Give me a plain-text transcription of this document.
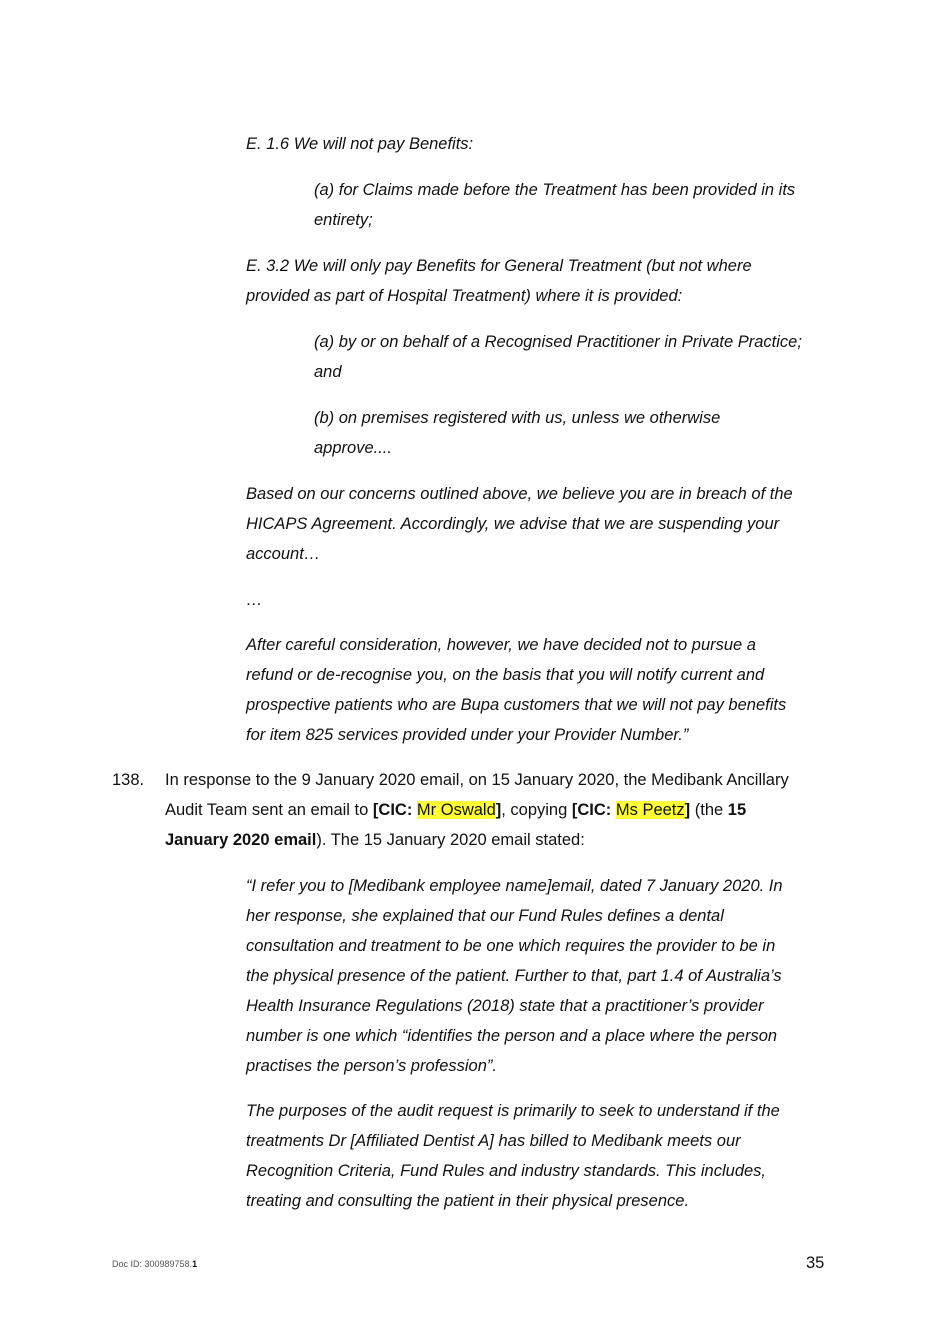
E. 1.6 We will not pay Benefits:
(a) for Claims made before the Treatment has been provided in its
entirety;
E. 3.2 We will only pay Benefits for General Treatment (but not where
provided as part of Hospital Treatment) where it is provided:
(a) by or on behalf of a Recognised Practitioner in Private Practice;
and
(b) on premises registered with us, unless we otherwise
approve....
Based on our concerns outlined above, we believe you are in breach of the
HICAPS Agreement. Accordingly, we advise that we are suspending your
account…
…
After careful consideration, however, we have decided not to pursue a
refund or de-recognise you, on the basis that you will notify current and
prospective patients who are Bupa customers that we will not pay benefits
for item 825 services provided under your Provider Number.”
138. In response to the 9 January 2020 email, on 15 January 2020, the Medibank Ancillary
Audit Team sent an email to [CIC: Mr Oswald], copying [CIC: Ms Peetz] (the 15
January 2020 email). The 15 January 2020 email stated:
“I refer you to [Medibank employee name]email, dated 7 January 2020. In
her response, she explained that our Fund Rules defines a dental
consultation and treatment to be one which requires the provider to be in
the physical presence of the patient. Further to that, part 1.4 of Australia’s
Health Insurance Regulations (2018) state that a practitioner’s provider
number is one which “identifies the person and a place where the person
practises the person’s profession”.
The purposes of the audit request is primarily to seek to understand if the
treatments Dr [Affiliated Dentist A] has billed to Medibank meets our
Recognition Criteria, Fund Rules and industry standards. This includes,
treating and consulting the patient in their physical presence.
Doc ID: 300989758.1	35
